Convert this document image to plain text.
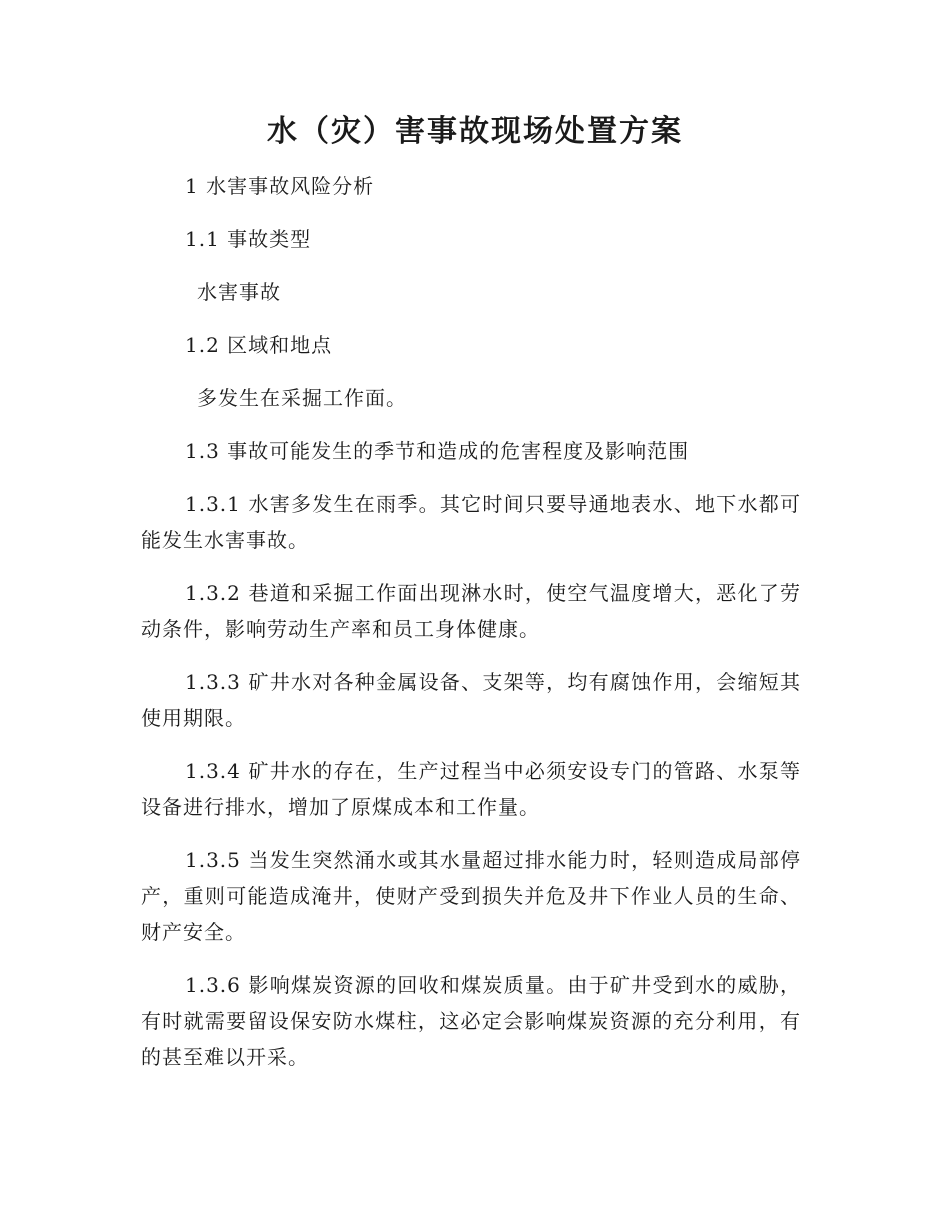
水（灾）害事故现场处置方案

1 水害事故风险分析

1.1 事故类型

水害事故

1.2 区域和地点

多发生在采掘工作面。

1.3 事故可能发生的季节和造成的危害程度及影响范围

1.3.1 水害多发生在雨季。其它时间只要导通地表水、地下水都可能发生水害事故。

1.3.2 巷道和采掘工作面出现淋水时，使空气温度增大，恶化了劳动条件，影响劳动生产率和员工身体健康。

1.3.3 矿井水对各种金属设备、支架等，均有腐蚀作用，会缩短其使用期限。

1.3.4 矿井水的存在，生产过程当中必须安设专门的管路、水泵等设备进行排水，增加了原煤成本和工作量。

1.3.5 当发生突然涌水或其水量超过排水能力时，轻则造成局部停产，重则可能造成淹井，使财产受到损失并危及井下作业人员的生命、财产安全。

1.3.6 影响煤炭资源的回收和煤炭质量。由于矿井受到水的威胁，有时就需要留设保安防水煤柱，这必定会影响煤炭资源的充分利用，有的甚至难以开采。
